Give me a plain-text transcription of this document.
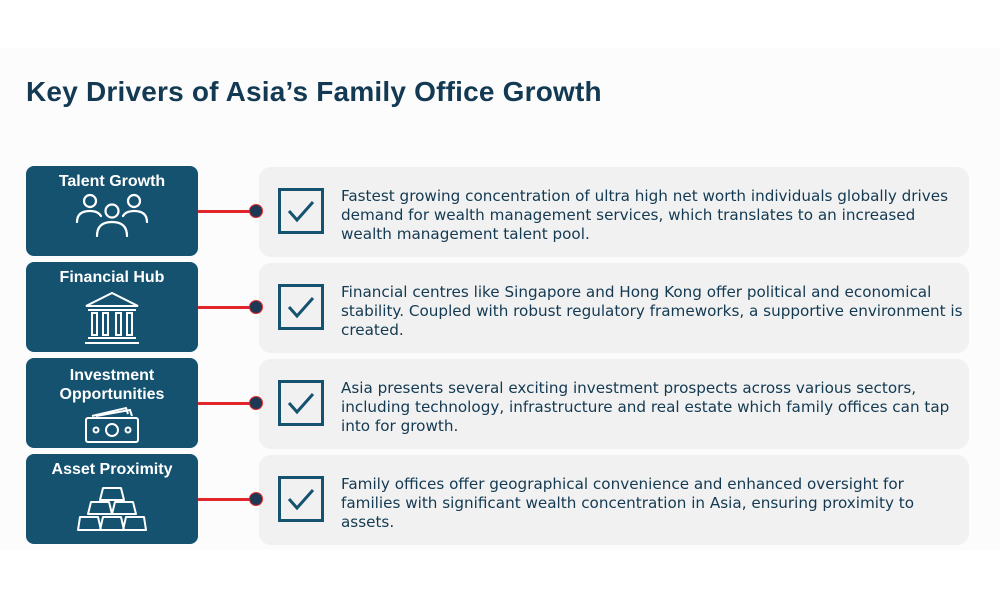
Key Drivers of Asia’s Family Office Growth
Talent Growth

Fastest growing concentration of ultra high net worth individuals globally drives demand for wealth management services, which translates to an increased wealth management talent pool.

Financial Hub

Financial centres like Singapore and Hong Kong offer political and economical stability. Coupled with robust regulatory frameworks, a supportive environment is created.

Investment Opportunities	Asia presents several exciting investment prospects across various sectors, including technology, infrastructure and real estate which family offices can tap into for growth.

Asset Proximity

Family offices offer geographical convenience and enhanced oversight for families with significant wealth concentration in Asia, ensuring proximity to assets.
